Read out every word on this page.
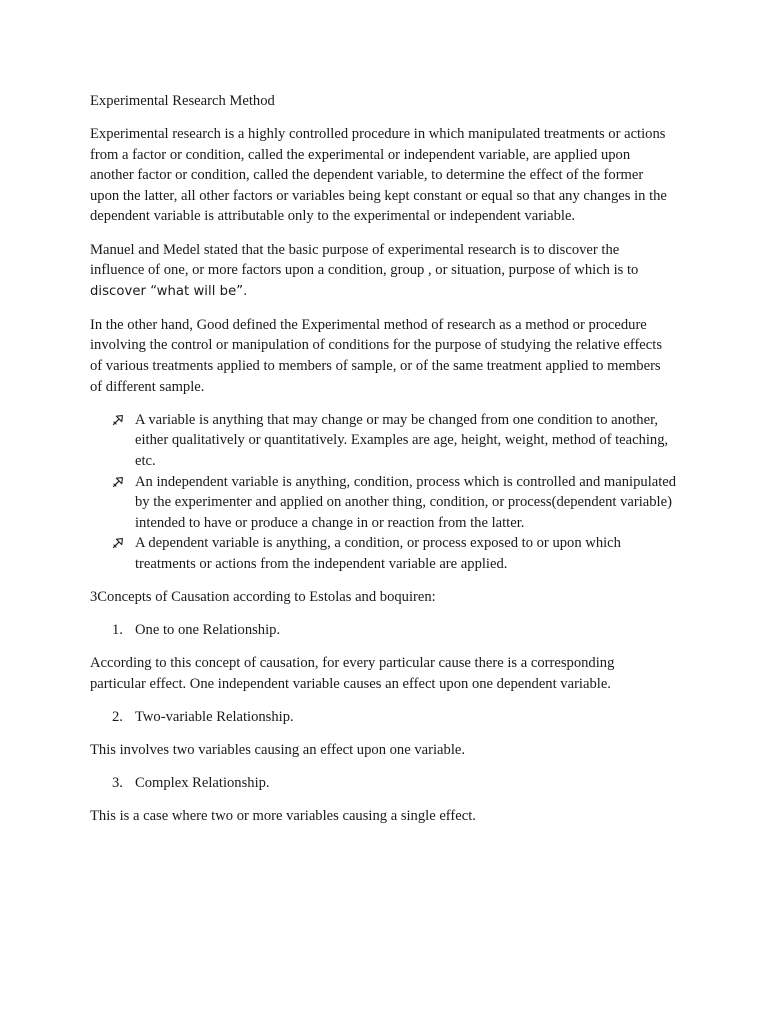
Experimental Research Method

Experimental research is a highly controlled procedure in which manipulated treatments or actions from a factor or condition, called the experimental or independent variable, are applied upon another factor or condition, called the dependent variable, to determine the effect of the former upon the latter, all other factors or variables being kept constant or equal so that any changes in the dependent variable is attributable only to the experimental or independent variable.

Manuel and Medel stated that the basic purpose of experimental research is to discover the influence of one, or more factors upon a condition, group , or situation, purpose of which is to
discover “what will be”.

In the other hand, Good defined the Experimental method of research as a method or procedure involving the control or manipulation of conditions for the purpose of studying the relative effects of various treatments applied to members of sample, or of the same treatment applied to members of different sample.

A variable is anything that may change or may be changed from one condition to another, either qualitatively or quantitatively. Examples are age, height, weight, method of teaching, etc.
An independent variable is anything, condition, process which is controlled and manipulated by the experimenter and applied on another thing, condition, or process(dependent variable) intended to have or produce a change in or reaction from the latter.
A dependent variable is anything, a condition, or process exposed to or upon which treatments or actions from the independent variable are applied.

3Concepts of Causation according to Estolas and boquiren:

1. One to one Relationship.

According to this concept of causation, for every particular cause there is a corresponding particular effect. One independent variable causes an effect upon one dependent variable.

2. Two-variable Relationship.

This involves two variables causing an effect upon one variable.

3. Complex Relationship.

This is a case where two or more variables causing a single effect.
